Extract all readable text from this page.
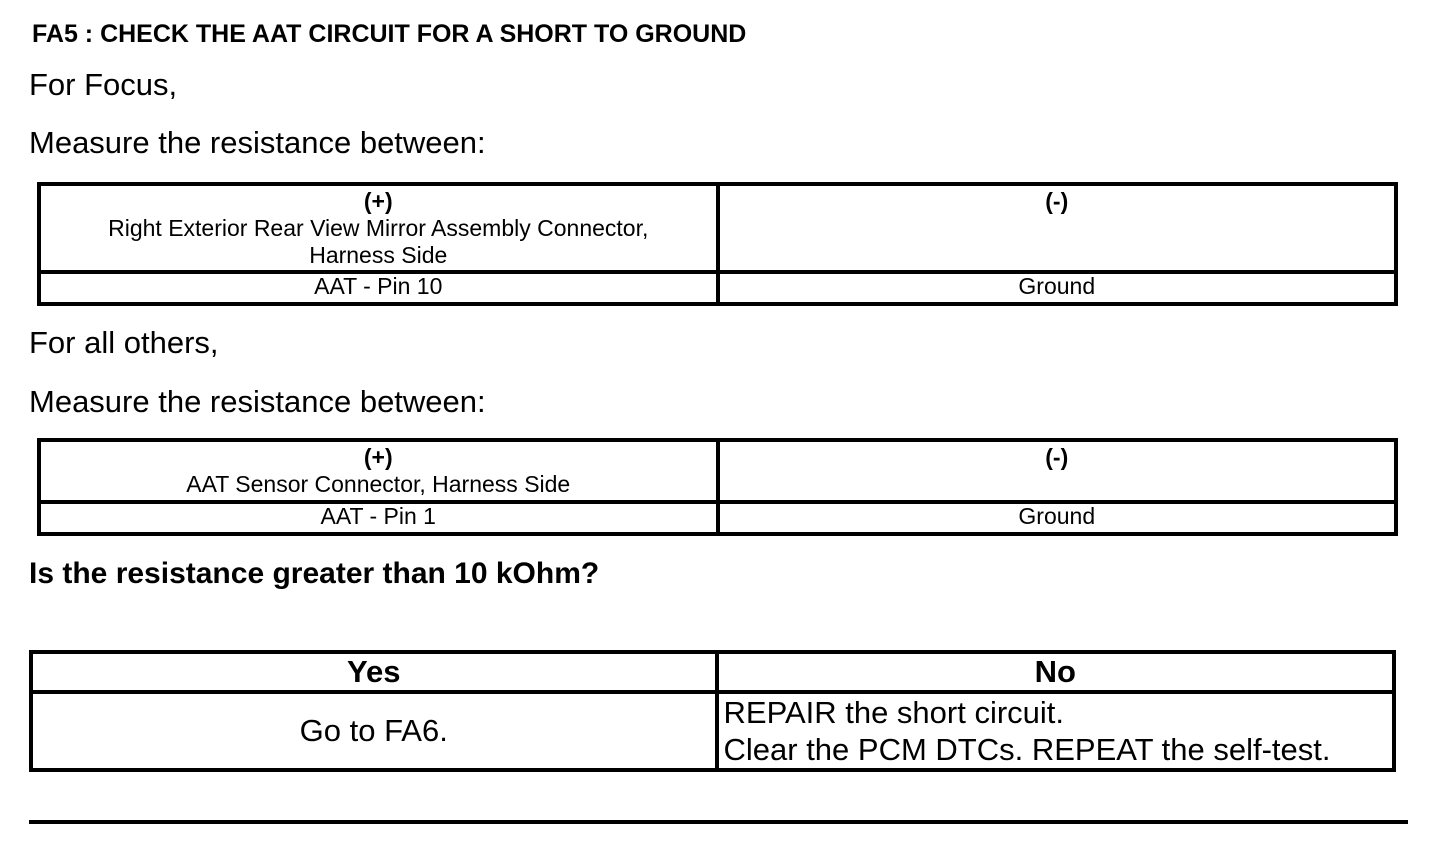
FA5 : CHECK THE AAT CIRCUIT FOR A SHORT TO GROUND
For Focus,
Measure the resistance between:
(+)
Right Exterior Rear View Mirror Assembly Connector,
Harness Side	(-)

AAT - Pin 10	Ground
For all others,
Measure the resistance between:
(+)
AAT Sensor Connector, Harness Side	(-)

AAT - Pin 1	Ground
Is the resistance greater than 10 kOhm?
Yes	No
Go to FA6.	REPAIR the short circuit.
Clear the PCM DTCs. REPEAT the self-test.
